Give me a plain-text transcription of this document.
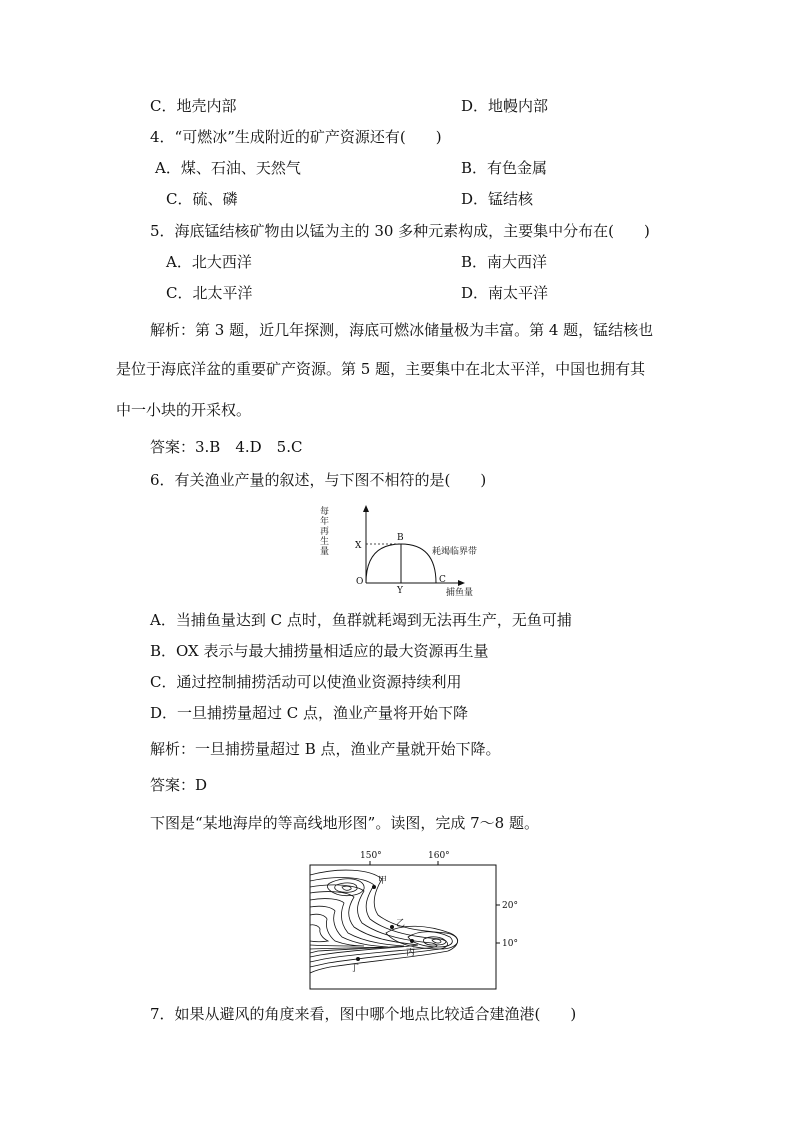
C．地壳内部	D．地幔内部
4．“可燃冰”生成附近的矿产资源还有(　　)
A．煤、石油、天然气	B．有色金属
C．硫、磷	D．锰结核
5．海底锰结核矿物由以锰为主的 30 多种元素构成，主要集中分布在(　　)
A．北大西洋	B．南大西洋
C．北太平洋	D．南太平洋
解析：第 3 题，近几年探测，海底可燃冰储量极为丰富。第 4 题，锰结核也
是位于海底洋盆的重要矿产资源。第 5 题，主要集中在北太平洋，中国也拥有其
中一小块的开采权。
答案：3.B　4.D　5.C
6．有关渔业产量的叙述，与下图不相符的是(　　)
每
年
再
生
量
X
B
O
Y
C
耗竭临界带
捕鱼量
A．当捕鱼量达到 C 点时，鱼群就耗竭到无法再生产，无鱼可捕
B．OX 表示与最大捕捞量相适应的最大资源再生量
C．通过控制捕捞活动可以使渔业资源持续利用
D．一旦捕捞量超过 C 点，渔业产量将开始下降
解析：一旦捕捞量超过 B 点，渔业产量就开始下降。
答案：D
下图是“某地海岸的等高线地形图”。读图，完成 7～8 题。
150°	160°
20°
10°
甲
乙
丙
丁
7．如果从避风的角度来看，图中哪个地点比较适合建渔港(　　)
